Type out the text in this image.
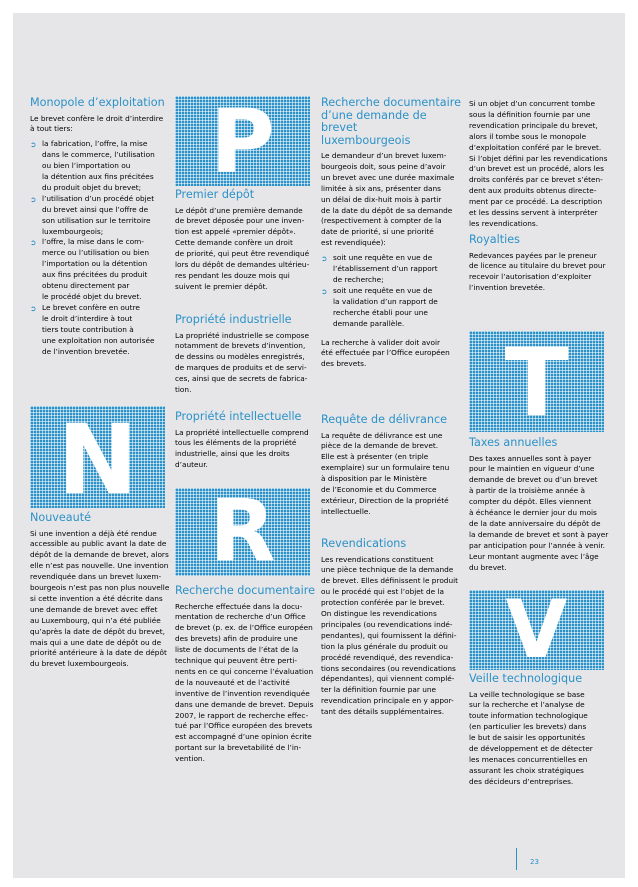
Monopole d’exploitation

Le brevet confère le droit d’interdire
à tout tiers:

➲ la fabrication, l’offre, la mise
dans le commerce, l’utilisation
ou bien l’importation ou
la détention aux fins précitées
du produit objet du brevet;
➲ l’utilisation d’un procédé objet
du brevet ainsi que l’offre de
son utilisation sur le territoire
luxembourgeois;
➲ l’offre, la mise dans le com-
merce ou l’utilisation ou bien
l’importation ou la détention
aux fins précitées du produit
obtenu directement par
le procédé objet du brevet.
➲ Le brevet confère en outre
le droit d’interdire à tout
tiers toute contribution à
une exploitation non autorisée
de l’invention brevetée.
N
Nouveauté

Si une invention a déjà été rendue
accessible au public avant la date de
dépôt de la demande de brevet, alors
elle n’est pas nouvelle. Une invention
revendiquée dans un brevet luxem-
bourgeois n’est pas non plus nouvelle
si cette invention a été décrite dans
une demande de brevet avec effet
au Luxembourg, qui n’a été publiée
qu’après la date de dépôt du brevet,
mais qui a une date de dépôt ou de
priorité antérieure à la date de dépôt
du brevet luxembourgeois.

P
Premier dépôt

Le dépôt d’une première demande
de brevet déposée pour une inven-
tion est appelé «premier dépôt».
Cette demande confère un droit
de priorité, qui peut être revendiqué
lors du dépôt de demandes ultérieu-
res pendant les douze mois qui
suivent le premier dépôt.

Propriété industrielle

La propriété industrielle se compose
notamment de brevets d’invention,
de dessins ou modèles enregistrés,
de marques de produits et de servi-
ces, ainsi que de secrets de fabrica-
tion.

Propriété intellectuelle

La propriété intellectuelle comprend
tous les éléments de la propriété
industrielle, ainsi que les droits
d’auteur.

R
Recherche documentaire

Recherche effectuée dans la docu-
mentation de recherche d’un Office
de brevet (p. ex. de l’Office européen
des brevets) afin de produire une
liste de documents de l’état de la
technique qui peuvent être perti-
nents en ce qui concerne l’évaluation
de la nouveauté et de l’activité
inventive de l’invention revendiquée
dans une demande de brevet. Depuis
2007, le rapport de recherche effec-
tué par l’Office européen des brevets
est accompagné d’une opinion écrite
portant sur la brevetabilité de l’in-
vention.

Recherche documentaire
d’une demande de brevet
luxembourgeois

Le demandeur d’un brevet luxem-
bourgeois doit, sous peine d’avoir
un brevet avec une durée maximale
limitée à six ans, présenter dans
un délai de dix-huit mois à partir
de la date du dépôt de sa demande
(respectivement à compter de la
date de priorité, si une priorité
est revendiquée):

➲ soit une requête en vue de
l’établissement d’un rapport
de recherche;
➲ soit une requête en vue de
la validation d’un rapport de
recherche établi pour une
demande parallèle.

La recherche à valider doit avoir
été effectuée par l’Office européen
des brevets.

Requête de délivrance

La requête de délivrance est une
pièce de la demande de brevet.
Elle est à présenter (en triple
exemplaire) sur un formulaire tenu
à disposition par le Ministère
de l’Economie et du Commerce
extérieur, Direction de la propriété
intellectuelle.

Revendications

Les revendications constituent
une pièce technique de la demande
de brevet. Elles définissent le produit
ou le procédé qui est l’objet de la
protection conférée par le brevet.
On distingue les revendications
principales (ou revendications indé-
pendantes), qui fournissent la défini-
tion la plus générale du produit ou
procédé revendiqué, des revendica-
tions secondaires (ou revendications
dépendantes), qui viennent complé-
ter la définition fournie par une
revendication principale en y appor-
tant des détails supplémentaires.

Si un objet d’un concurrent tombe
sous la définition fournie par une
revendication principale du brevet,
alors il tombe sous le monopole
d’exploitation conféré par le brevet.
Si l’objet défini par les revendications
d’un brevet est un procédé, alors les
droits conférés par ce brevet s’éten-
dent aux produits obtenus directe-
ment par ce procédé. La description
et les dessins servent à interpréter
les revendications.

Royalties

Redevances payées par le preneur
de licence au titulaire du brevet pour
recevoir l’autorisation d’exploiter
l’invention brevetée.

T
Taxes annuelles

Des taxes annuelles sont à payer
pour le maintien en vigueur d’une
demande de brevet ou d’un brevet
à partir de la troisième année à
compter du dépôt. Elles viennent
à échéance le dernier jour du mois
de la date anniversaire du dépôt de
la demande de brevet et sont à payer
par anticipation pour l’année à venir.
Leur montant augmente avec l’âge
du brevet.

V
Veille technologique

La veille technologique se base
sur la recherche et l’analyse de
toute information technologique
(en particulier les brevets) dans
le but de saisir les opportunités
de développement et de détecter
les menaces concurrentielles en
assurant les choix stratégiques
des décideurs d’entreprises.

23
